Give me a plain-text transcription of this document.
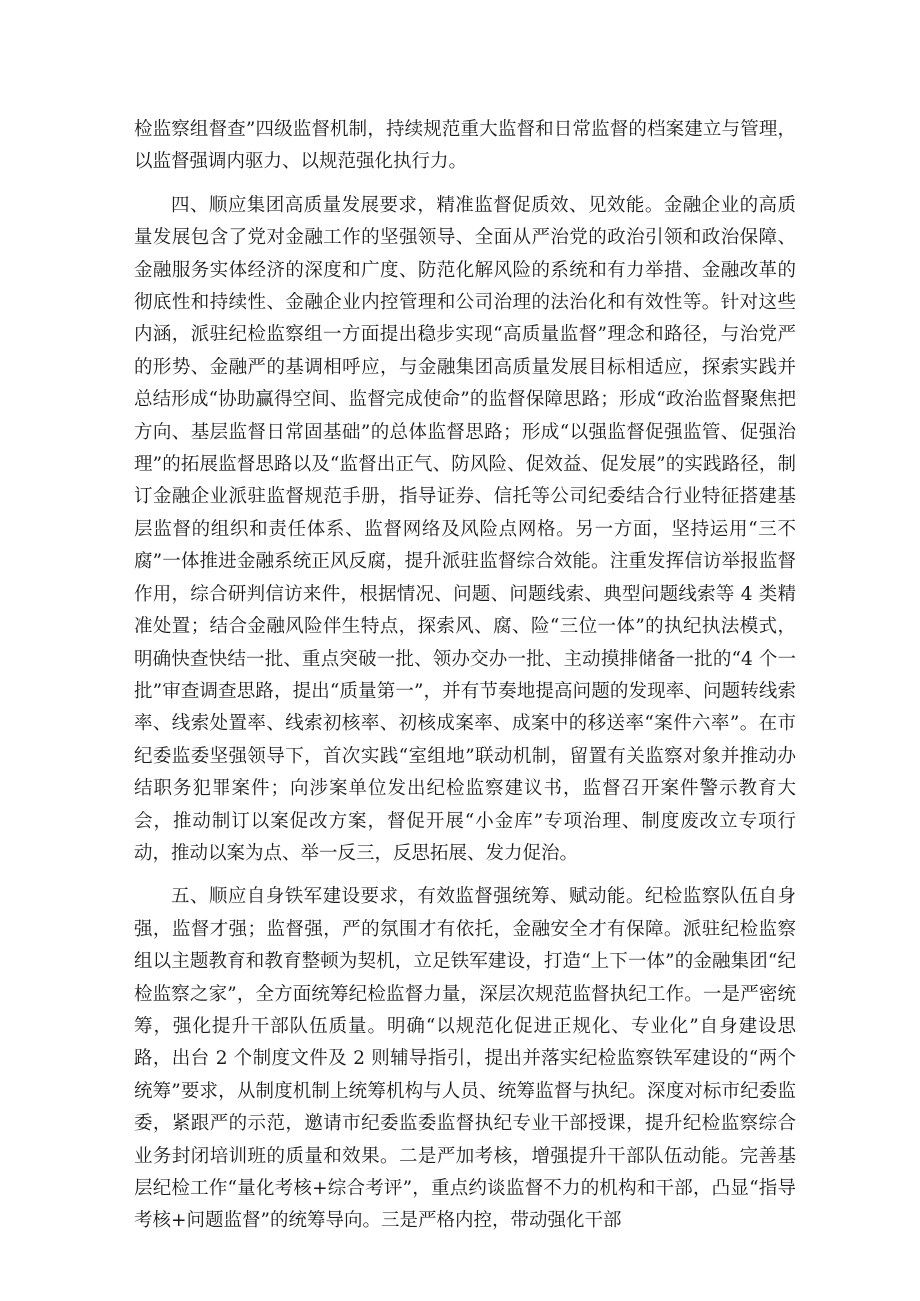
检监察组督查”四级监督机制，持续规范重大监督和日常监督的档案建立与管理，以监督强调内驱力、以规范强化执行力。

四、顺应集团高质量发展要求，精准监督促质效、见效能。金融企业的高质量发展包含了党对金融工作的坚强领导、全面从严治党的政治引领和政治保障、金融服务实体经济的深度和广度、防范化解风险的系统和有力举措、金融改革的彻底性和持续性、金融企业内控管理和公司治理的法治化和有效性等。针对这些内涵，派驻纪检监察组一方面提出稳步实现“高质量监督”理念和路径，与治党严的形势、金融严的基调相呼应，与金融集团高质量发展目标相适应，探索实践并总结形成“协助赢得空间、监督完成使命”的监督保障思路；形成“政治监督聚焦把方向、基层监督日常固基础”的总体监督思路；形成“以强监督促强监管、促强治理”的拓展监督思路以及“监督出正气、防风险、促效益、促发展”的实践路径，制订金融企业派驻监督规范手册，指导证券、信托等公司纪委结合行业特征搭建基层监督的组织和责任体系、监督网络及风险点网格。另一方面，坚持运用“三不腐”一体推进金融系统正风反腐，提升派驻监督综合效能。注重发挥信访举报监督作用，综合研判信访来件，根据情况、问题、问题线索、典型问题线索等 4 类精准处置；结合金融风险伴生特点，探索风、腐、险“三位一体”的执纪执法模式，明确快查快结一批、重点突破一批、领办交办一批、主动摸排储备一批的“4 个一批”审查调查思路，提出“质量第一”，并有节奏地提高问题的发现率、问题转线索率、线索处置率、线索初核率、初核成案率、成案中的移送率“案件六率”。在市纪委监委坚强领导下，首次实践“室组地”联动机制，留置有关监察对象并推动办结职务犯罪案件；向涉案单位发出纪检监察建议书，监督召开案件警示教育大会，推动制订以案促改方案，督促开展“小金库”专项治理、制度废改立专项行动，推动以案为点、举一反三，反思拓展、发力促治。

五、顺应自身铁军建设要求，有效监督强统筹、赋动能。纪检监察队伍自身强，监督才强；监督强，严的氛围才有依托，金融安全才有保障。派驻纪检监察组以主题教育和教育整顿为契机，立足铁军建设，打造“上下一体”的金融集团“纪检监察之家”，全方面统筹纪检监督力量，深层次规范监督执纪工作。一是严密统筹，强化提升干部队伍质量。明确“以规范化促进正规化、专业化”自身建设思路，出台 2 个制度文件及 2 则辅导指引，提出并落实纪检监察铁军建设的“两个统筹”要求，从制度机制上统筹机构与人员、统筹监督与执纪。深度对标市纪委监委，紧跟严的示范，邀请市纪委监委监督执纪专业干部授课，提升纪检监察综合业务封闭培训班的质量和效果。二是严加考核，增强提升干部队伍动能。完善基层纪检工作“量化考核+综合考评”，重点约谈监督不力的机构和干部，凸显“指导考核+问题监督”的统筹导向。三是严格内控，带动强化干部
